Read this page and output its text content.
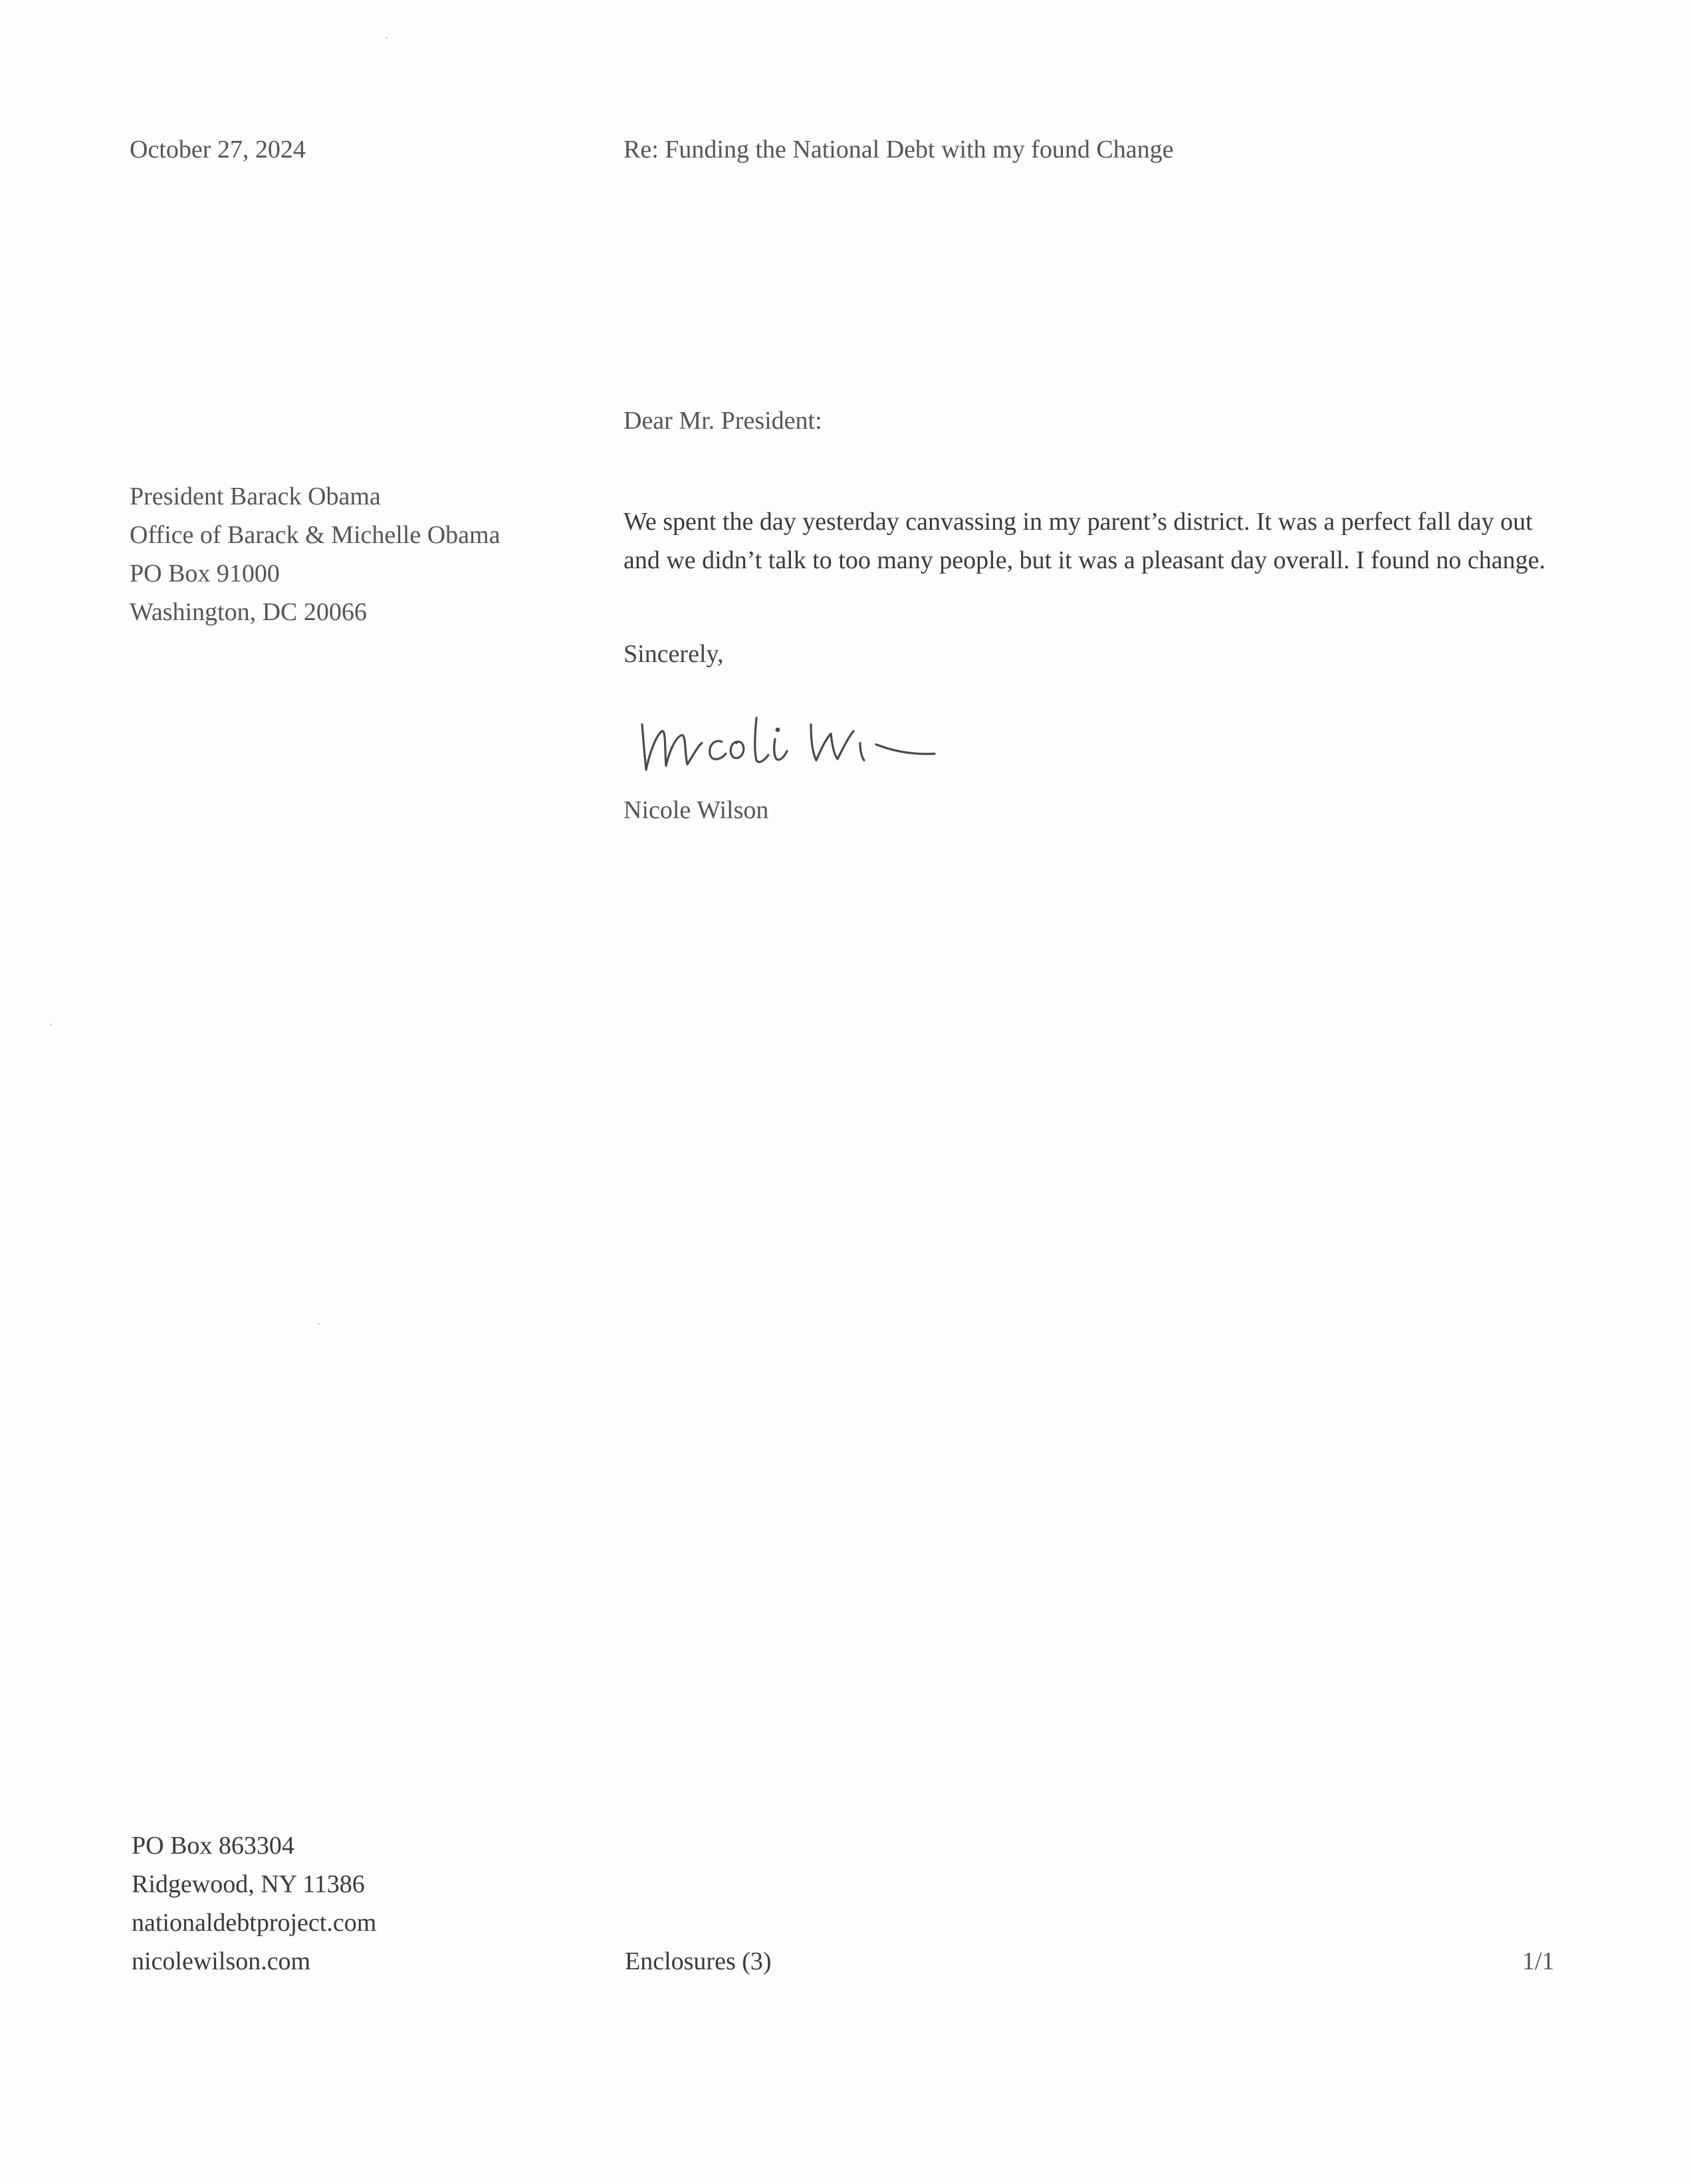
October 27, 2024	Re: Funding the National Debt with my found Change

Dear Mr. President:

President Barack Obama
Office of Barack & Michelle Obama
PO Box 91000
Washington, DC 20066

We spent the day yesterday canvassing in my parent’s district. It was a perfect fall day out and we didn’t talk to too many people, but it was a pleasant day overall. I found no change.

Sincerely,

Nicole Wilson

PO Box 863304
Ridgewood, NY 11386
nationaldebtproject.com
nicolewilson.com	Enclosures (3)	1/1
